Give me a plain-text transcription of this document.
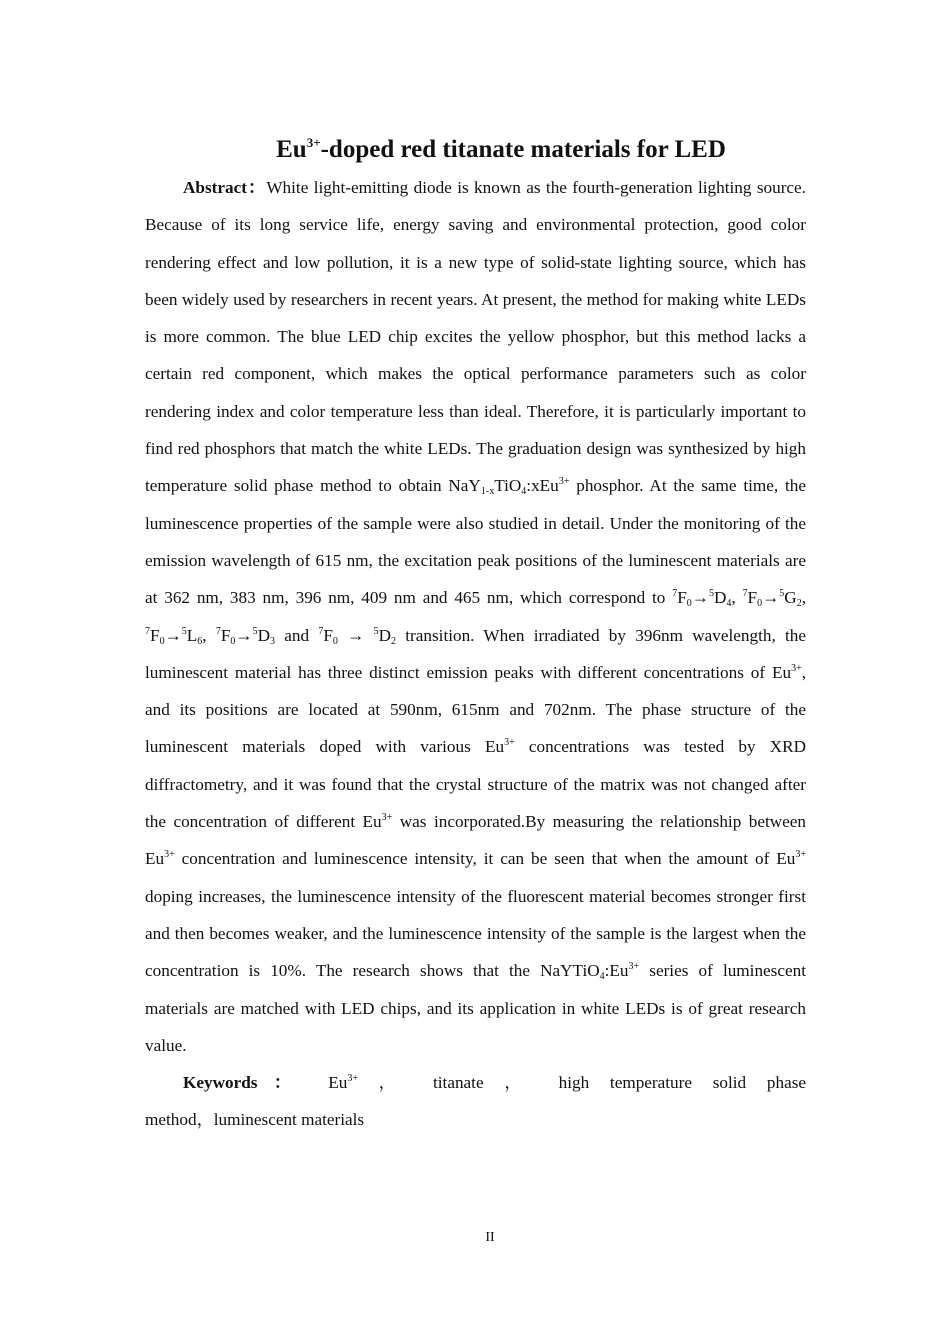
$Eu^{3+}$-doped red titanate materials for LED

Abstract：White light-emitting diode is known as the fourth-generation lighting source. Because of its long service life, energy saving and environmental protection, good color rendering effect and low pollution, it is a new type of solid-state lighting source, which has been widely used by researchers in recent years. At present, the method for making white LEDs is more common. The blue LED chip excites the yellow phosphor, but this method lacks a certain red component, which makes the optical performance parameters such as color rendering index and color temperature less than ideal. Therefore, it is particularly important to find red phosphors that match the white LEDs. The graduation design was synthesized by high temperature solid phase method to obtain NaY$_{1-x}$TiO$_4$:xEu$^{3+}$ phosphor. At the same time, the luminescence properties of the sample were also studied in detail. Under the monitoring of the emission wavelength of 615 nm, the excitation peak positions of the luminescent materials are at 362 nm, 383 nm, 396 nm, 409 nm and 465 nm, which correspond to $^7F_0\to^5D_4$, $^7F_0\to^5G_2$, $^7F_0\to^5L_6$, $^7F_0\to^5D_3$ and $^7F_0 \to ^5D_2$ transition. When irradiated by 396nm wavelength, the luminescent material has three distinct emission peaks with different concentrations of $Eu^{3+}$, and its positions are located at 590nm, 615nm and 702nm. The phase structure of the luminescent materials doped with various $Eu^{3+}$ concentrations was tested by XRD diffractometry, and it was found that the crystal structure of the matrix was not changed after the concentration of different $Eu^{3+}$ was incorporated.By measuring the relationship between $Eu^{3+}$ concentration and luminescence intensity, it can be seen that when the amount of $Eu^{3+}$ doping increases, the luminescence intensity of the fluorescent material becomes stronger first and then becomes weaker, and the luminescence intensity of the sample is the largest when the concentration is 10%. The research shows that the $NaYTiO_4:Eu^{3+}$ series of luminescent materials are matched with LED chips, and its application in white LEDs is of great research value.

Keywords： $Eu^{3+}$ ， titanate ， high temperature solid phase

method，luminescent materials

II
